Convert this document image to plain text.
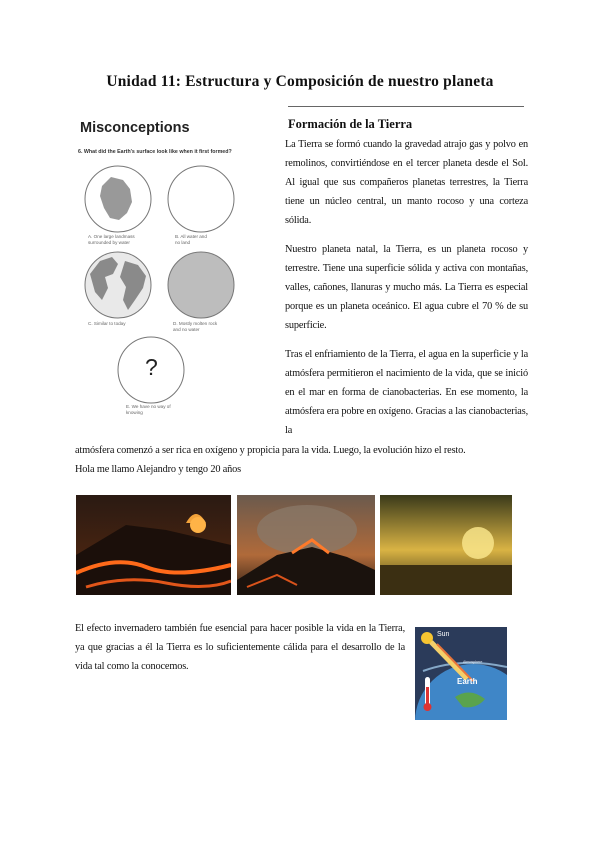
Unidad 11: Estructura y Composición de nuestro planeta
Misconceptions
6. What did the Earth's surface look like when it first formed?
?
A. One large landmass
surrounded by water
B. All water and
no land
C. Similar to today	D. Mostly molten rock
and no water
E. We have no way of
knowing
Formación de la Tierra

La Tierra se formó cuando la gravedad atrajo gas y polvo en remolinos, convirtiéndose en el tercer planeta desde el Sol. Al igual que sus compañeros planetas terrestres, la Tierra tiene un núcleo central, un manto rocoso y una corteza sólida.

Nuestro planeta natal, la Tierra, es un planeta rocoso y terrestre. Tiene una superficie sólida y activa con montañas, valles, cañones, llanuras y mucho más. La Tierra es especial porque es un planeta oceánico. El agua cubre el 70 % de su superficie.

Tras el enfriamiento de la Tierra, el agua en la superficie y la atmósfera permitieron el nacimiento de la vida, que se inició en el mar en forma de cianobacterias. En ese momento, la atmósfera era pobre en oxígeno. Gracias a las cianobacterias, la

atmósfera comenzó a ser rica en oxígeno y propicia para la vida. Luego, la evolución hizo el resto.

Hola me llamo Alejandro y tengo 20 años

El efecto invernadero también fue esencial para hacer posible la vida en la Tierra, ya que gracias a él la Tierra es lo suficientemente cálida para el desarrollo de la vida tal como la conocemos.

Sun
Atmosphere
Earth
